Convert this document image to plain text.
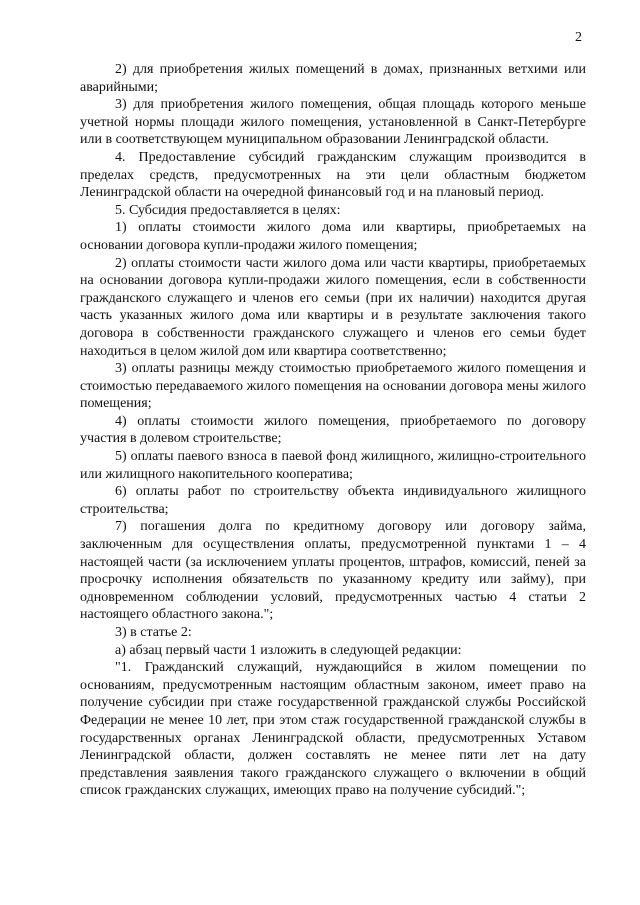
2

2) для приобретения жилых помещений в домах, признанных ветхими или аварийными;

3) для приобретения жилого помещения, общая площадь которого меньше учетной нормы площади жилого помещения, установленной в Санкт-Петербурге или в соответствующем муниципальном образовании Ленинградской области.

4. Предоставление субсидий гражданским служащим производится в пределах средств, предусмотренных на эти цели областным бюджетом Ленинградской области на очередной финансовый год и на плановый период.

5. Субсидия предоставляется в целях:

1) оплаты стоимости жилого дома или квартиры, приобретаемых на основании договора купли-продажи жилого помещения;

2) оплаты стоимости части жилого дома или части квартиры, приобретаемых на основании договора купли-продажи жилого помещения, если в собственности гражданского служащего и членов его семьи (при их наличии) находится другая часть указанных жилого дома или квартиры и в результате заключения такого договора в собственности гражданского служащего и членов его семьи будет находиться в целом жилой дом или квартира соответственно;

3) оплаты разницы между стоимостью приобретаемого жилого помещения и стоимостью передаваемого жилого помещения на основании договора мены жилого помещения;

4) оплаты стоимости жилого помещения, приобретаемого по договору участия в долевом строительстве;

5) оплаты паевого взноса в паевой фонд жилищного, жилищно-строительного или жилищного накопительного кооператива;

6) оплаты работ по строительству объекта индивидуального жилищного строительства;

7) погашения долга по кредитному договору или договору займа, заключенным для осуществления оплаты, предусмотренной пунктами 1 – 4 настоящей части (за исключением уплаты процентов, штрафов, комиссий, пеней за просрочку исполнения обязательств по указанному кредиту или займу), при одновременном соблюдении условий, предусмотренных частью 4 статьи 2 настоящего областного закона.";

3) в статье 2:

а) абзац первый части 1 изложить в следующей редакции:

"1. Гражданский служащий, нуждающийся в жилом помещении по основаниям, предусмотренным настоящим областным законом, имеет право на получение субсидии при стаже государственной гражданской службы Российской Федерации не менее 10 лет, при этом стаж государственной гражданской службы в государственных органах Ленинградской области, предусмотренных Уставом Ленинградской области, должен составлять не менее пяти лет на дату представления заявления такого гражданского служащего о включении в общий список гражданских служащих, имеющих право на получение субсидий.";
